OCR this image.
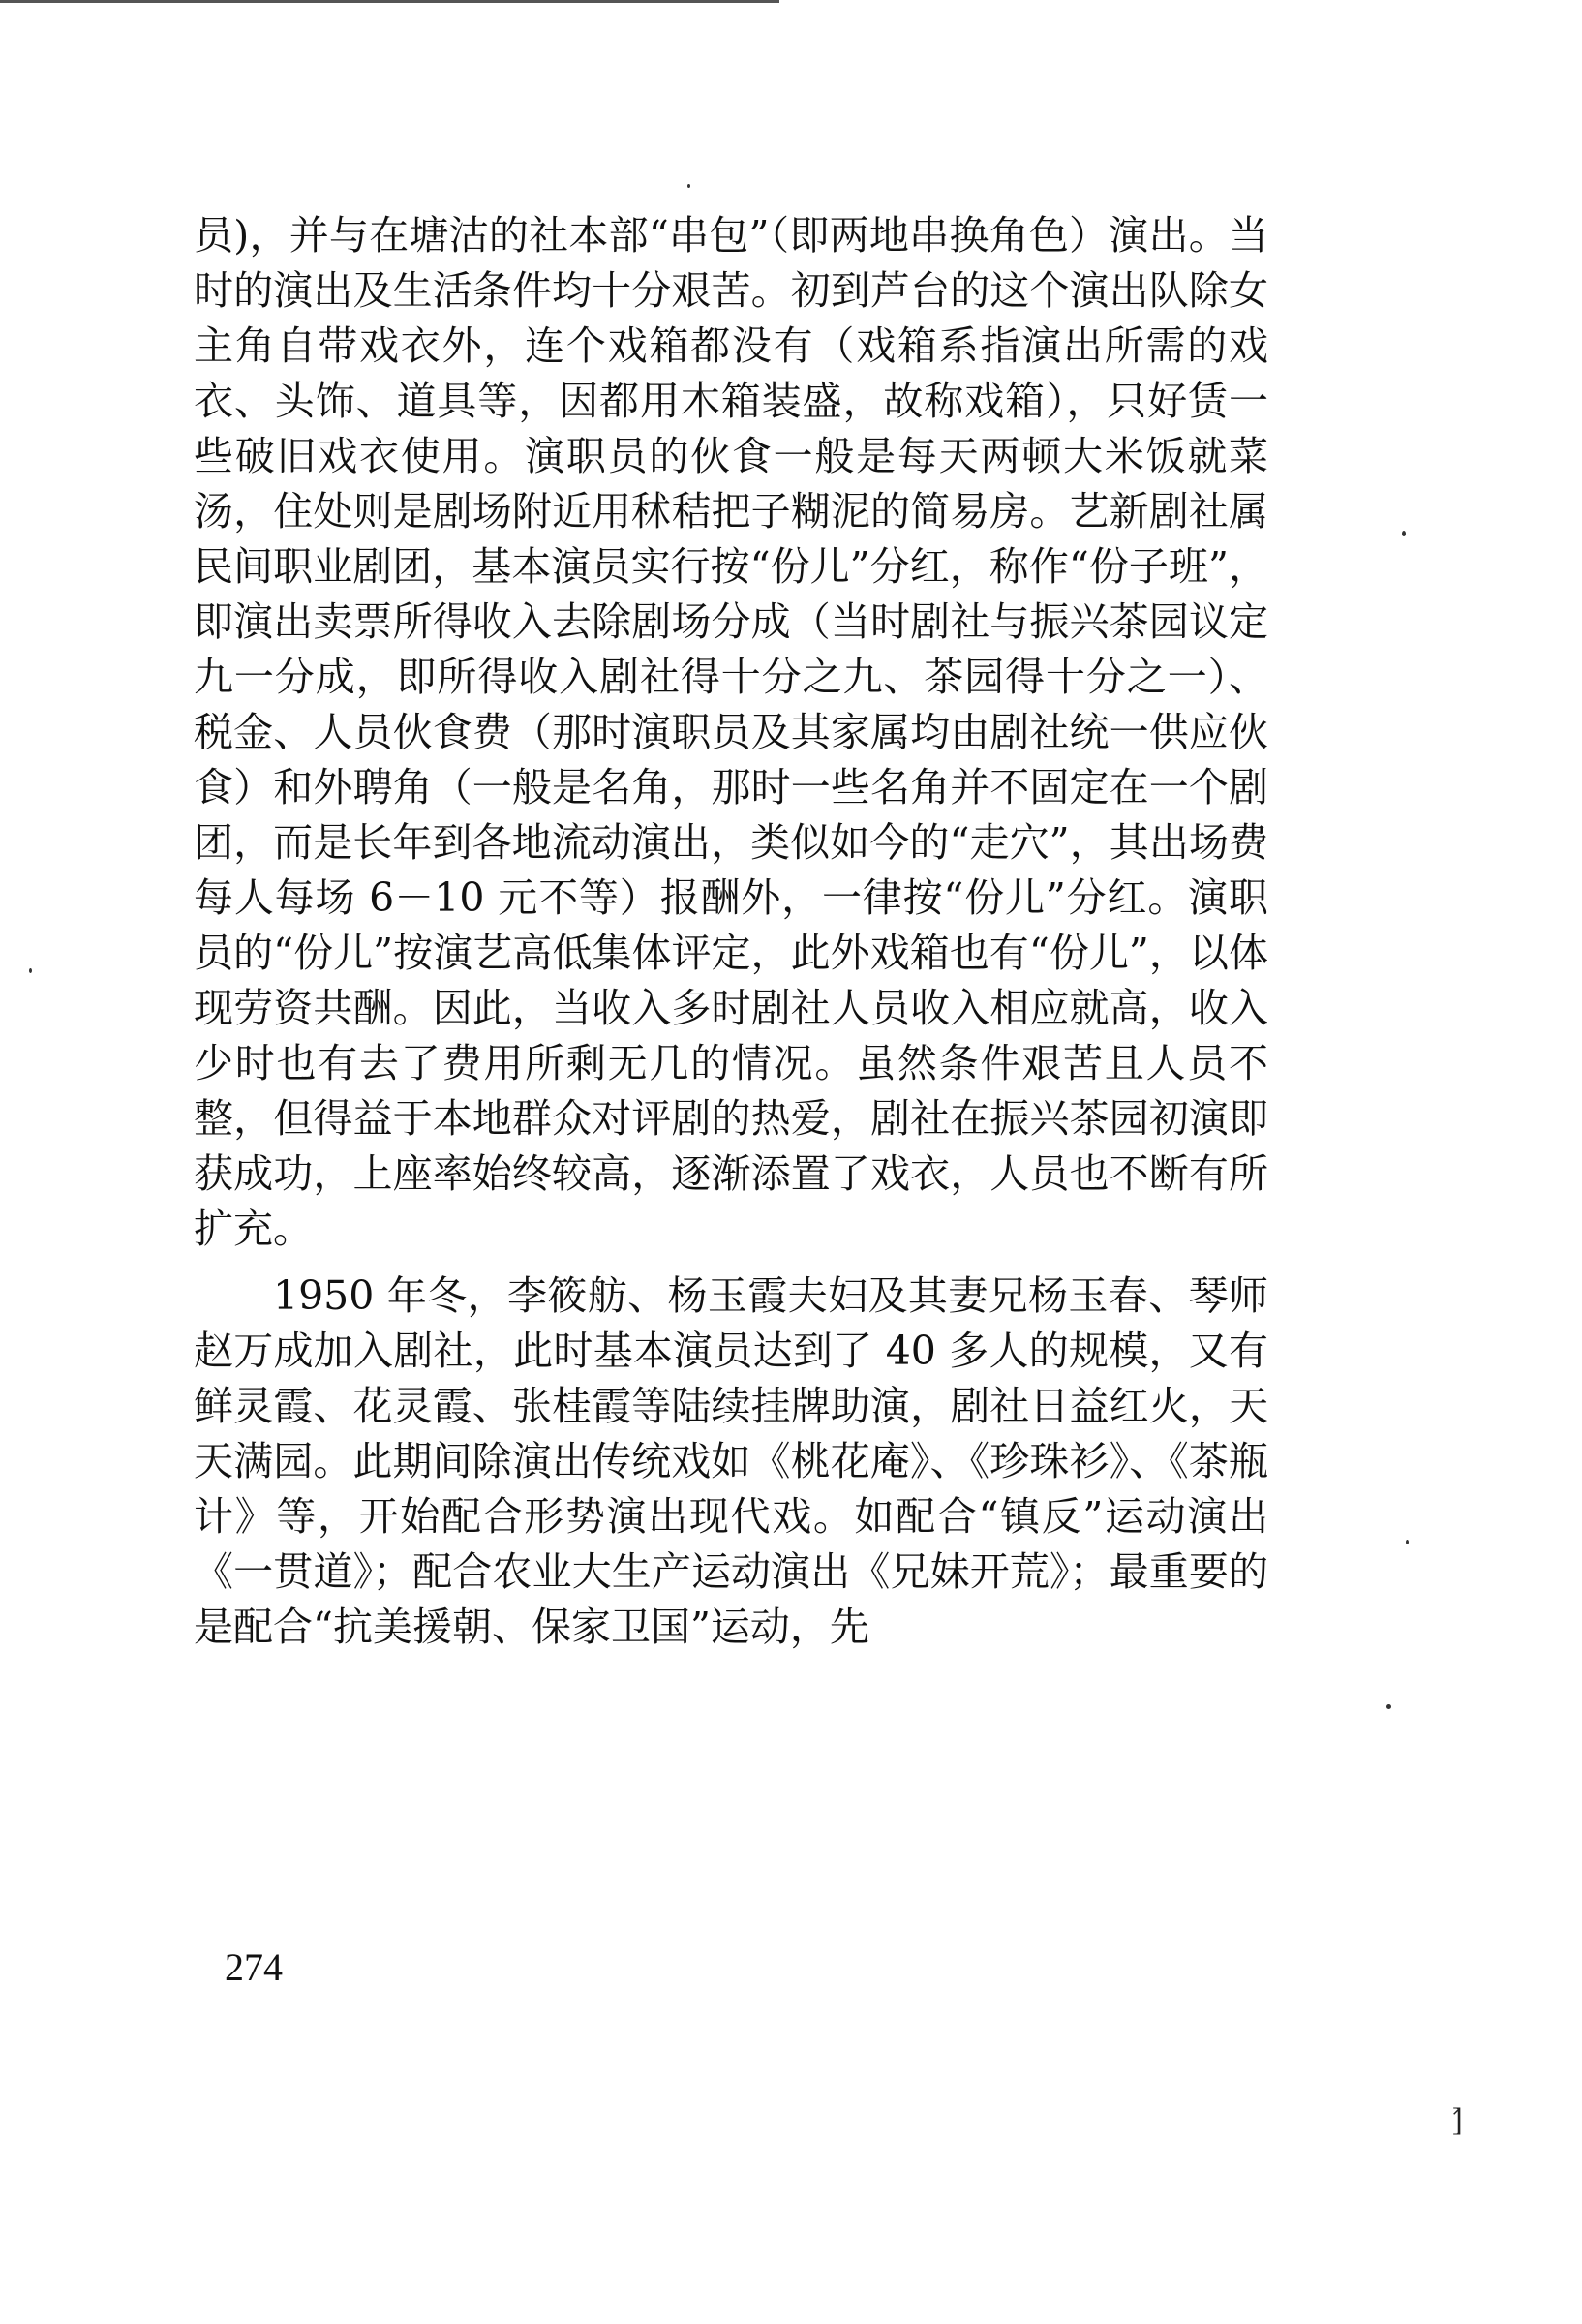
员)，并与在塘沽的社本部“串包”（即两地串换角色）演出。当时的演出及生活条件均十分艰苦。初到芦台的这个演出队除女主角自带戏衣外，连个戏箱都没有（戏箱系指演出所需的戏衣、头饰、道具等，因都用木箱装盛，故称戏箱），只好赁一些破旧戏衣使用。演职员的伙食一般是每天两顿大米饭就菜汤，住处则是剧场附近用秫秸把子糊泥的简易房。艺新剧社属民间职业剧团，基本演员实行按“份儿”分红，称作“份子班”，即演出卖票所得收入去除剧场分成（当时剧社与振兴茶园议定九一分成，即所得收入剧社得十分之九、茶园得十分之一）、税金、人员伙食费（那时演职员及其家属均由剧社统一供应伙食）和外聘角（一般是名角，那时一些名角并不固定在一个剧团，而是长年到各地流动演出，类似如今的“走穴”，其出场费每人每场 6－10 元不等）报酬外，一律按“份儿”分红。演职员的“份儿”按演艺高低集体评定，此外戏箱也有“份儿”，以体现劳资共酬。因此，当收入多时剧社人员收入相应就高，收入少时也有去了费用所剩无几的情况。虽然条件艰苦且人员不整，但得益于本地群众对评剧的热爱，剧社在振兴茶园初演即获成功，上座率始终较高，逐渐添置了戏衣，人员也不断有所扩充。

1950 年冬，李筱舫、杨玉霞夫妇及其妻兄杨玉春、琴师赵万成加入剧社，此时基本演员达到了 40 多人的规模，又有鲜灵霞、花灵霞、张桂霞等陆续挂牌助演，剧社日益红火，天天满园。此期间除演出传统戏如《桃花庵》、《珍珠衫》、《茶瓶计》等，开始配合形势演出现代戏。如配合“镇反”运动演出《一贯道》；配合农业大生产运动演出《兄妹开荒》；最重要的是配合“抗美援朝、保家卫国”运动，先

274
⦐
